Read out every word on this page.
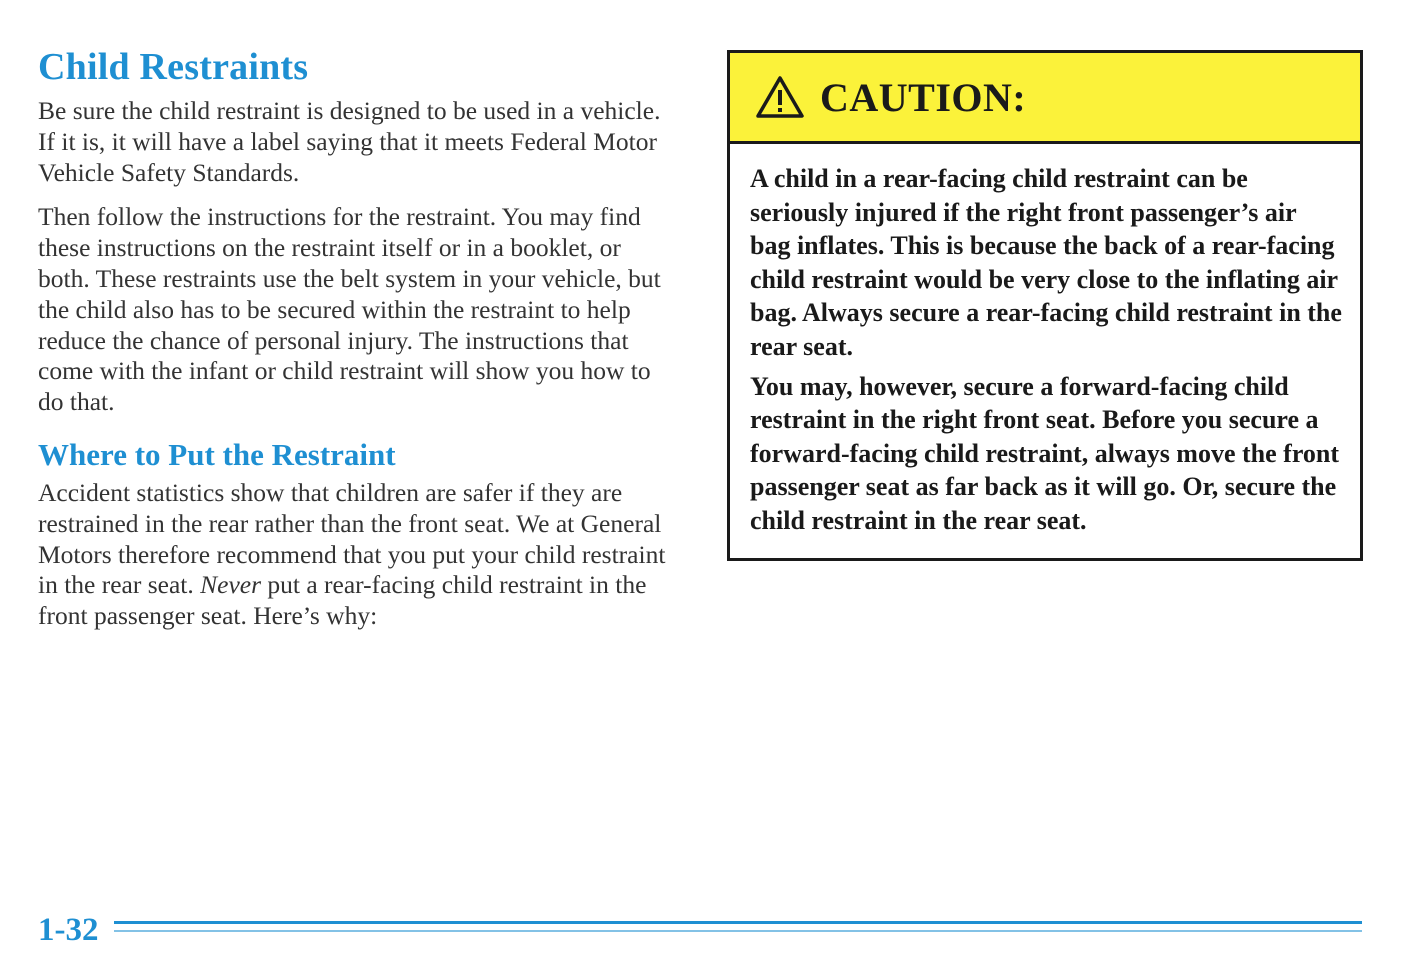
Child Restraints

Be sure the child restraint is designed to be used in a vehicle. If it is, it will have a label saying that it meets Federal Motor Vehicle Safety Standards.

Then follow the instructions for the restraint. You may find these instructions on the restraint itself or in a booklet, or both. These restraints use the belt system in your vehicle, but the child also has to be secured within the restraint to help reduce the chance of personal injury. The instructions that come with the infant or child restraint will show you how to do that.

Where to Put the Restraint

Accident statistics show that children are safer if they are restrained in the rear rather than the front seat. We at General Motors therefore recommend that you put your child restraint in the rear seat. Never put a rear-facing child restraint in the front passenger seat. Here’s why:

CAUTION:

A child in a rear-facing child restraint can be seriously injured if the right front passenger’s air bag inflates. This is because the back of a rear-facing child restraint would be very close to the inflating air bag. Always secure a rear-facing child restraint in the rear seat.

You may, however, secure a forward-facing child restraint in the right front seat. Before you secure a forward-facing child restraint, always move the front passenger seat as far back as it will go. Or, secure the child restraint in the rear seat.

1-32
